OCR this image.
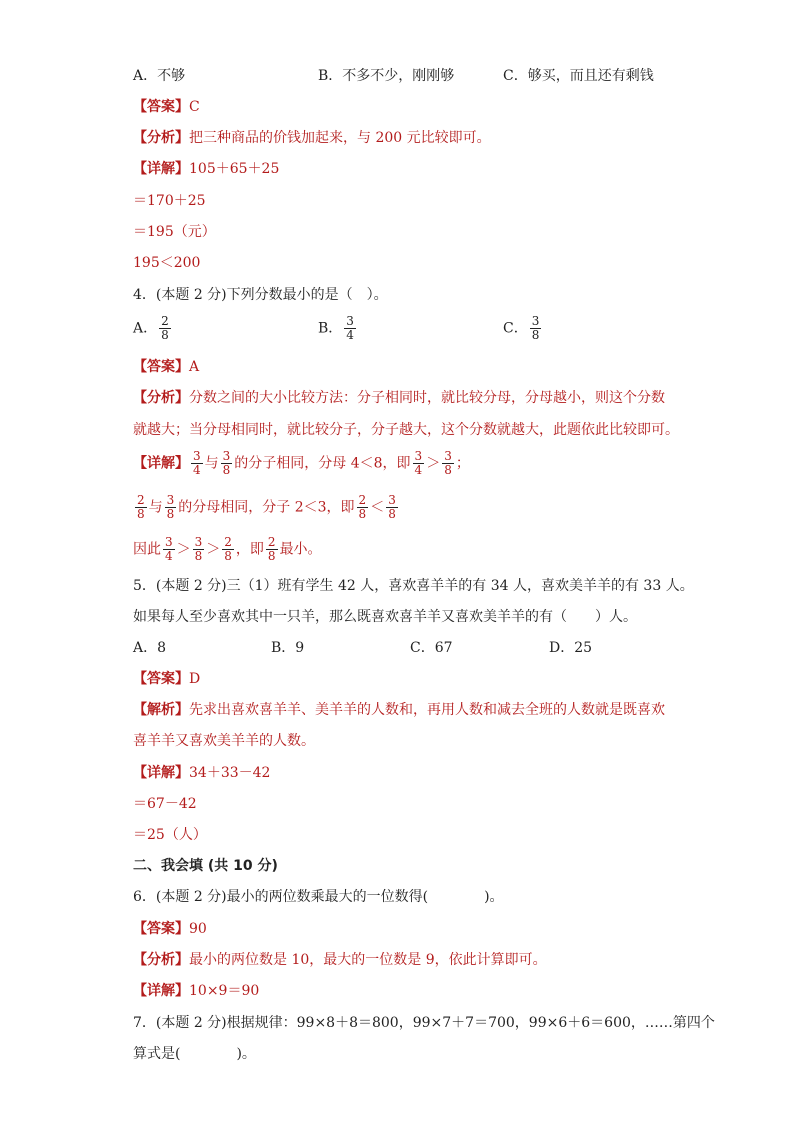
A．不够	B．不多不少，刚刚够	C．够买，而且还有剩钱
【答案】C
【分析】把三种商品的价钱加起来，与 200 元比较即可。
【详解】105＋65＋25
＝170＋25
＝195（元）
195＜200
4．(本题 2 分)下列分数最小的是（　）。
A． $\frac{2}{8}$	B． $\frac{3}{4}$	C． $\frac{3}{8}$
【答案】A
【分析】分数之间的大小比较方法：分子相同时，就比较分母，分母越小，则这个分数
就越大；当分母相同时，就比较分子，分子越大，这个分数就越大，此题依此比较即可。
【详解】 $\frac{3}{4}$ 与 $\frac{3}{8}$ 的分子相同，分母 4＜8，即 $\frac{3}{4} > \frac{3}{8}$ ；
$\frac{2}{8}$ 与 $\frac{3}{8}$ 的分母相同，分子 2＜3，即 $\frac{2}{8} < \frac{3}{8}$
因此 $\frac{3}{4} > \frac{3}{8} > \frac{2}{8}$ ，即 $\frac{2}{8}$ 最小。
5．(本题 2 分)三（1）班有学生 42 人，喜欢喜羊羊的有 34 人，喜欢美羊羊的有 33 人。
如果每人至少喜欢其中一只羊，那么既喜欢喜羊羊又喜欢美羊羊的有（　　）人。
A．8	B．9	C．67	D．25
【答案】D
【解析】先求出喜欢喜羊羊、美羊羊的人数和，再用人数和减去全班的人数就是既喜欢
喜羊羊又喜欢美羊羊的人数。
【详解】34＋33－42
＝67－42
＝25（人）
二、我会填 (共 10 分)
6．(本题 2 分)最小的两位数乘最大的一位数得(　　　　)。
【答案】90
【分析】最小的两位数是 10，最大的一位数是 9，依此计算即可。
【详解】10×9＝90
7．(本题 2 分)根据规律：99×8＋8＝800，99×7＋7＝700，99×6＋6＝600，……第四个
算式是(　　　　)。
